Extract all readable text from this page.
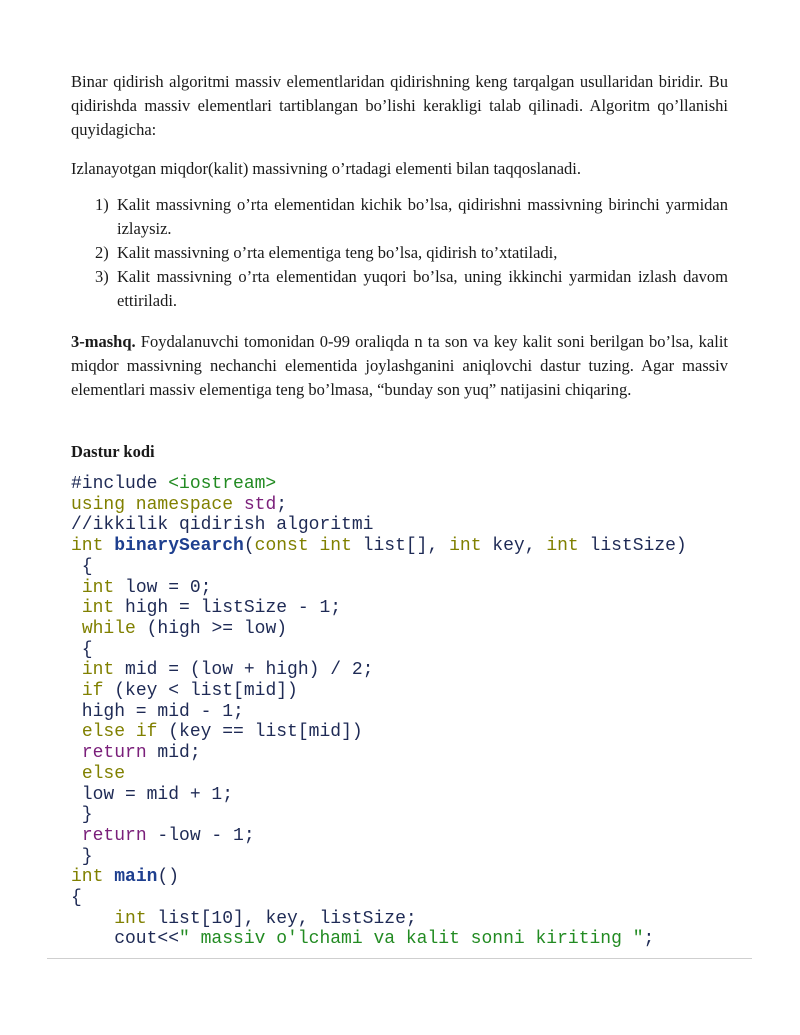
Binar qidirish algoritmi massiv elementlaridan qidirishning keng tarqalgan usullaridan biridir. Bu qidirishda massiv elementlari tartiblangan bo’lishi kerakligi talab qilinadi. Algoritm qo’llanishi quyidagicha:

Izlanayotgan miqdor(kalit) massivning o’rtadagi elementi bilan taqqoslanadi.

1) Kalit massivning o’rta elementidan kichik bo’lsa, qidirishni massivning birinchi yarmidan izlaysiz.
2) Kalit massivning o’rta elementiga teng bo’lsa, qidirish to’xtatiladi,
3) Kalit massivning o’rta elementidan yuqori bo’lsa, uning ikkinchi yarmidan izlash davom ettiriladi.

3-mashq. Foydalanuvchi tomonidan 0-99 oraliqda n ta son va key kalit soni berilgan bo’lsa, kalit miqdor massivning nechanchi elementida joylashganini aniqlovchi dastur tuzing. Agar massiv elementlari massiv elementiga teng bo’lmasa, “bunday son yuq” natijasini chiqaring.

Dastur kodi

#include <iostream>
using namespace std;
//ikkilik qidirish algoritmi
int binarySearch(const int list[], int key, int listSize)
{
int low = 0;
int high = listSize - 1;
while (high >= low)
{
int mid = (low + high) / 2;
if (key < list[mid])
high = mid - 1;
else if (key == list[mid])
return mid;
else
low = mid + 1;
}
return -low - 1;
}
int main()
{
int list[10], key, listSize;
cout<<" massiv o'lchami va kalit sonni kiriting ";
